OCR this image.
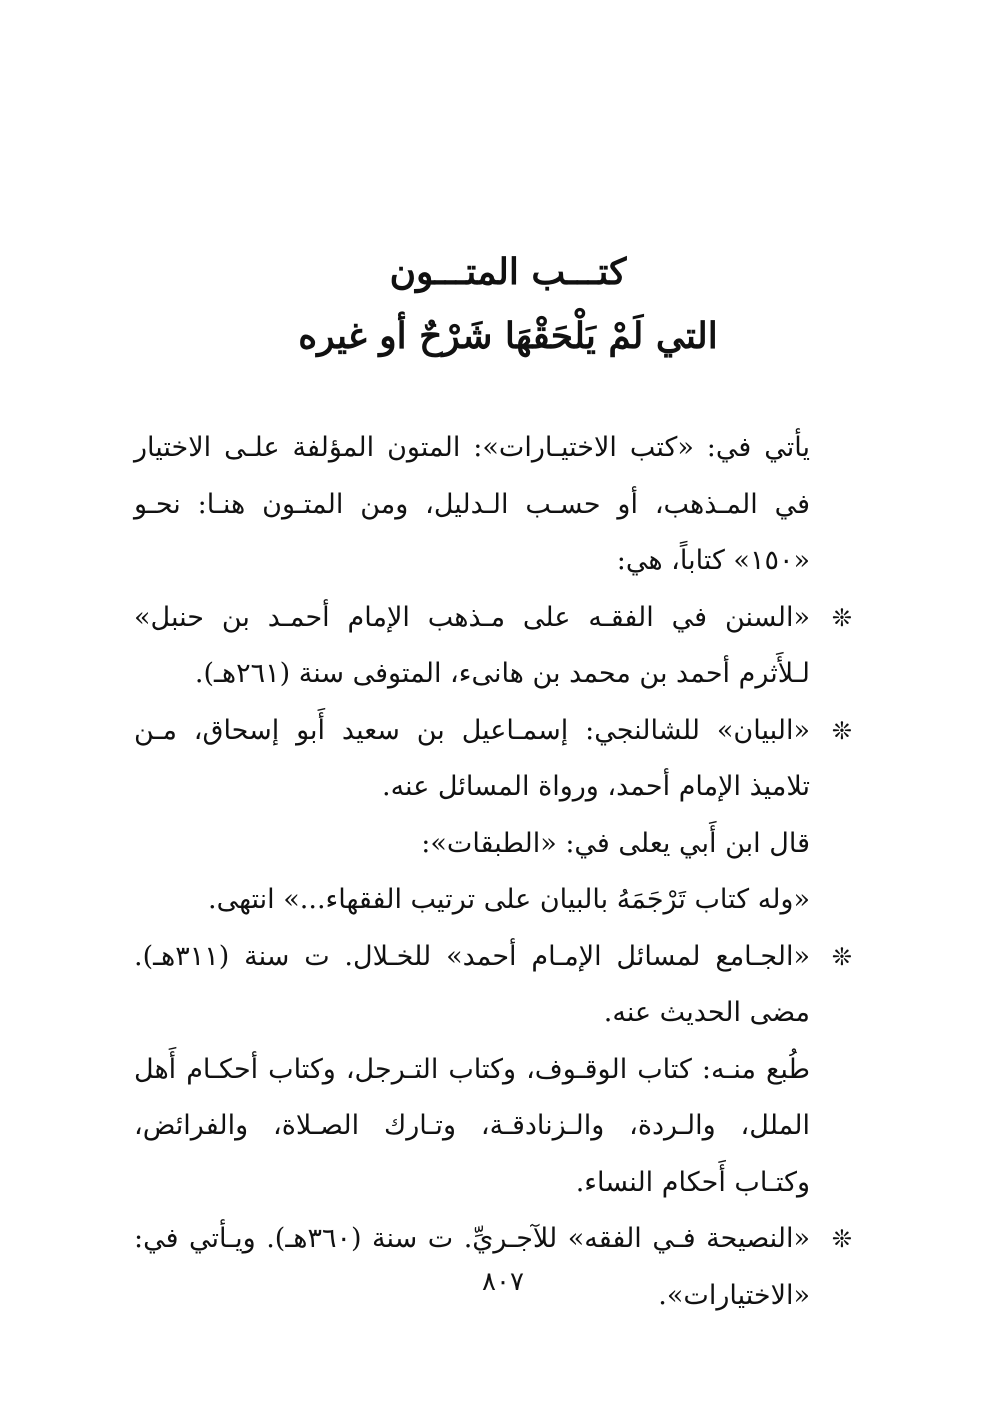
كتـــب المتـــون
التي لَمْ يَلْحَقْهَا شَرْحٌ أو غيره

يأتي في: «كتب الاختيـارات»: المتون المؤلفة علـى الاختيار في المـذهب، أو حسـب الـدليل، ومن المتـون هنـا: نحـو «١٥٠» كتاباً، هي:

❊

«السنن في الفقـه على مـذهب الإمام أحمـد بن حنبل» لـلأَثرم أحمد بن محمد بن هانىء، المتوفى سنة (٢٦١هـ).

❊

«البيان» للشالنجي: إسمـاعيل بن سعيد أَبو إسحاق، مـن تلاميذ الإمام أحمد، ورواة المسائل عنه.

قال ابن أَبي يعلى في: «الطبقات»:

«وله كتاب تَرْجَمَهُ بالبيان على ترتيب الفقهاء...» انتهى.

❊

«الجـامع لمسائل الإمـام أحمد» للخـلال. ت سنة (٣١١هـ). مضى الحديث عنه.

طُبع منـه: كتاب الوقـوف، وكتاب التـرجل، وكتاب أحكـام أَهل الملل، والـردة، والـزنادقـة، وتـارك الصـلاة، والفرائض، وكتـاب أَحكام النساء.

❊

«النصيحة فـي الفقه» للآجـريِّ. ت سنة (٣٦٠هـ). ويـأتي في: «الاختيارات».

٨٠٧
